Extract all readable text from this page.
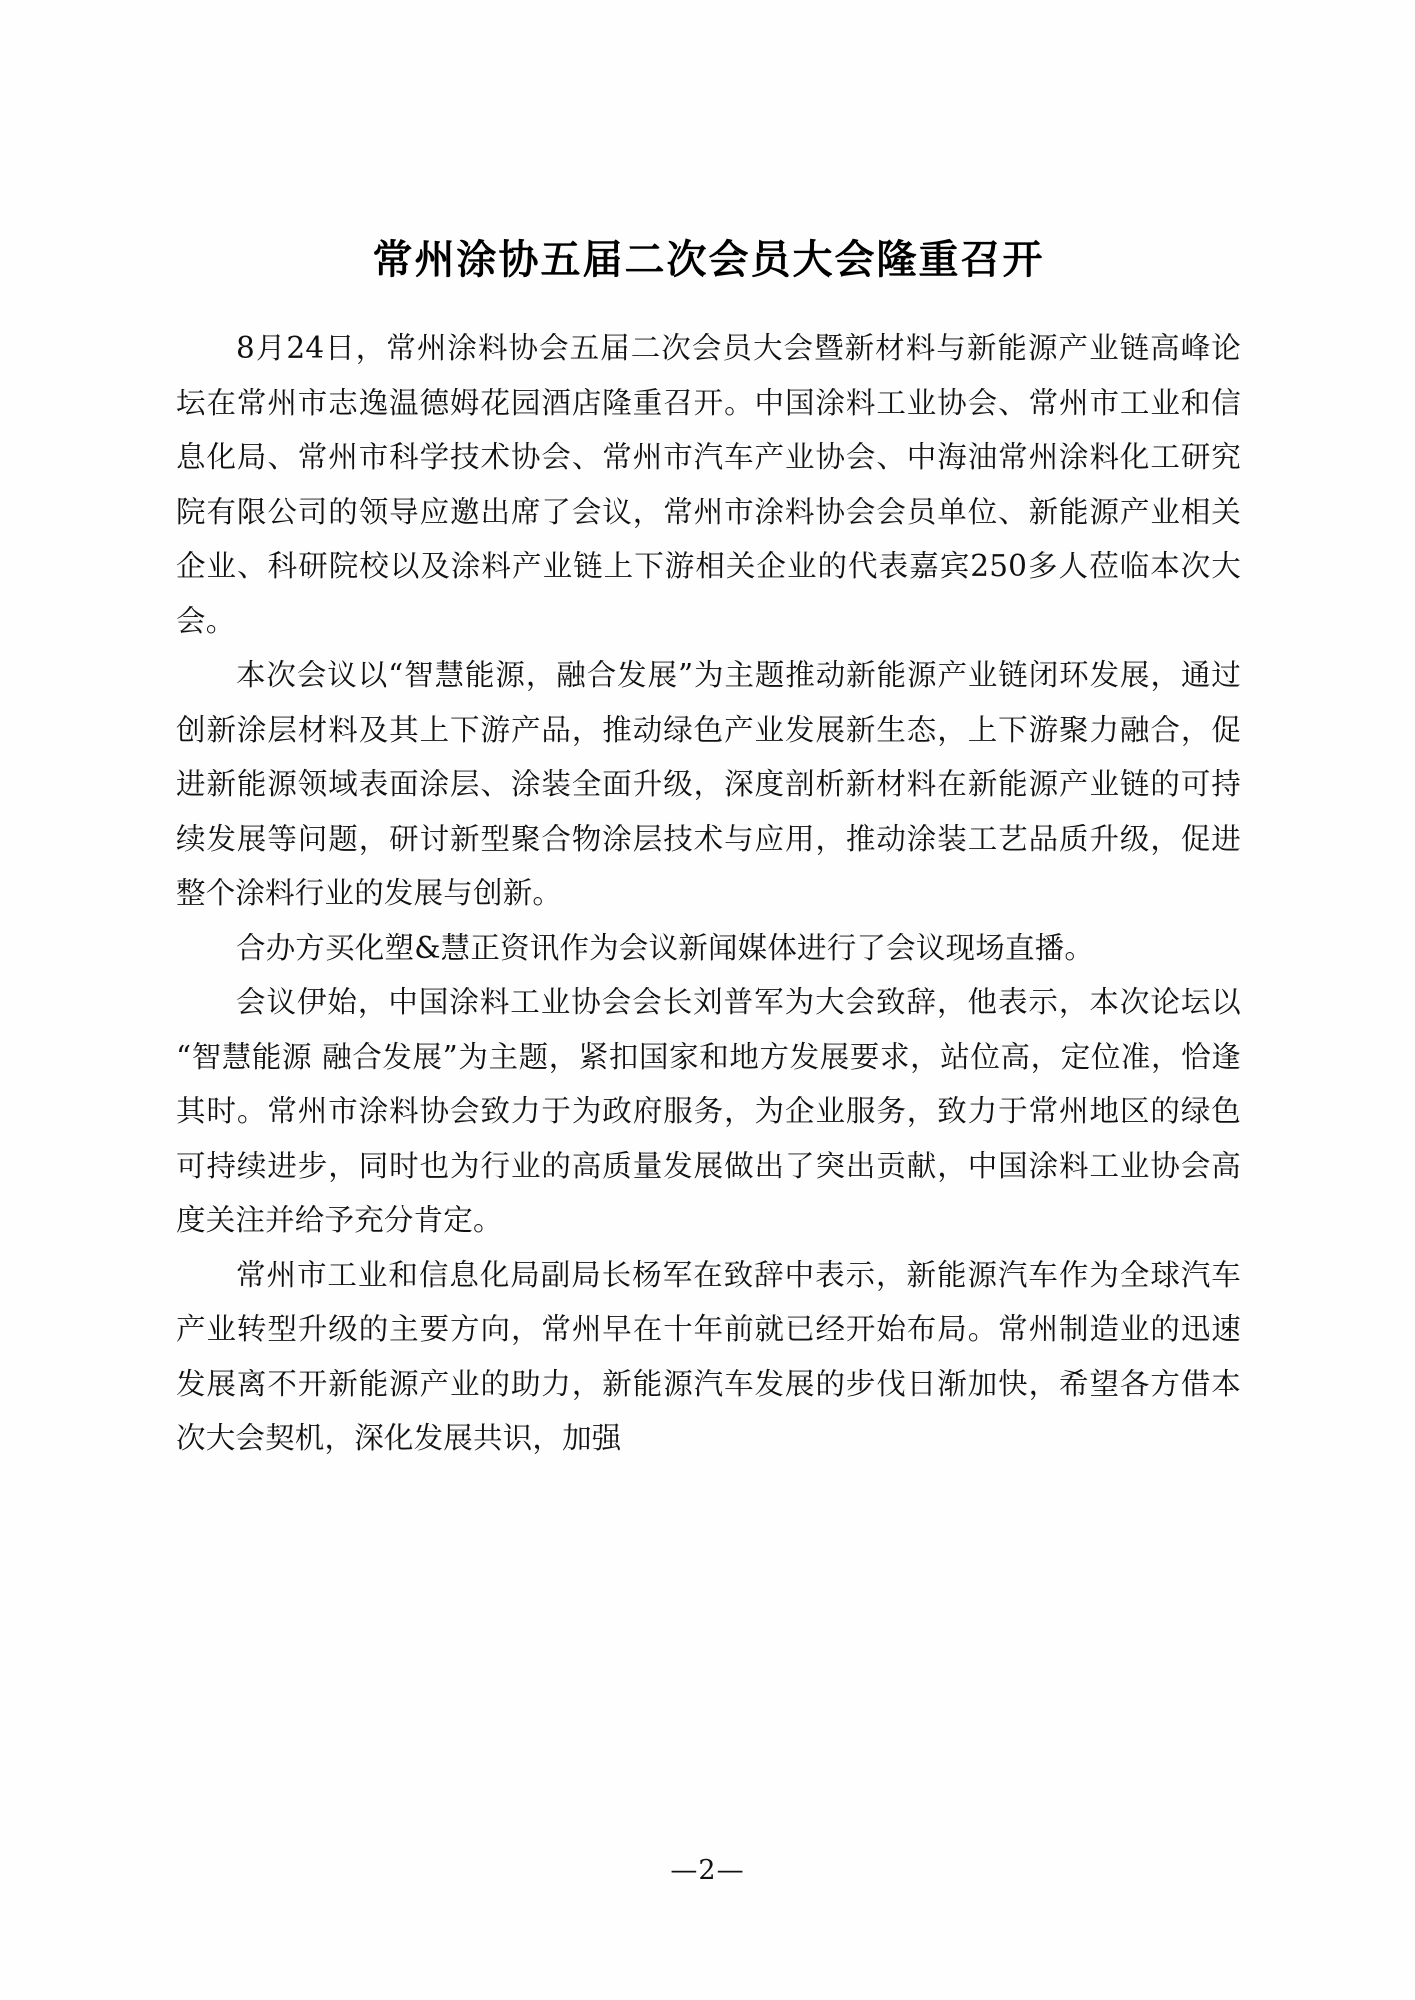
常州涂协五届二次会员大会隆重召开

8月24日，常州涂料协会五届二次会员大会暨新材料与新能源产业链高峰论坛在常州市志逸温德姆花园酒店隆重召开。中国涂料工业协会、常州市工业和信息化局、常州市科学技术协会、常州市汽车产业协会、中海油常州涂料化工研究院有限公司的领导应邀出席了会议，常州市涂料协会会员单位、新能源产业相关企业、科研院校以及涂料产业链上下游相关企业的代表嘉宾250多人莅临本次大会。

本次会议以“智慧能源，融合发展”为主题推动新能源产业链闭环发展，通过创新涂层材料及其上下游产品，推动绿色产业发展新生态，上下游聚力融合，促进新能源领域表面涂层、涂装全面升级，深度剖析新材料在新能源产业链的可持续发展等问题，研讨新型聚合物涂层技术与应用，推动涂装工艺品质升级，促进整个涂料行业的发展与创新。

合办方买化塑&慧正资讯作为会议新闻媒体进行了会议现场直播。

会议伊始，中国涂料工业协会会长刘普军为大会致辞，他表示，本次论坛以“智慧能源 融合发展”为主题，紧扣国家和地方发展要求，站位高，定位准，恰逢其时。常州市涂料协会致力于为政府服务，为企业服务，致力于常州地区的绿色可持续进步，同时也为行业的高质量发展做出了突出贡献，中国涂料工业协会高度关注并给予充分肯定。

常州市工业和信息化局副局长杨军在致辞中表示，新能源汽车作为全球汽车产业转型升级的主要方向，常州早在十年前就已经开始布局。常州制造业的迅速发展离不开新能源产业的助力，新能源汽车发展的步伐日渐加快，希望各方借本次大会契机，深化发展共识，加强

—2—
